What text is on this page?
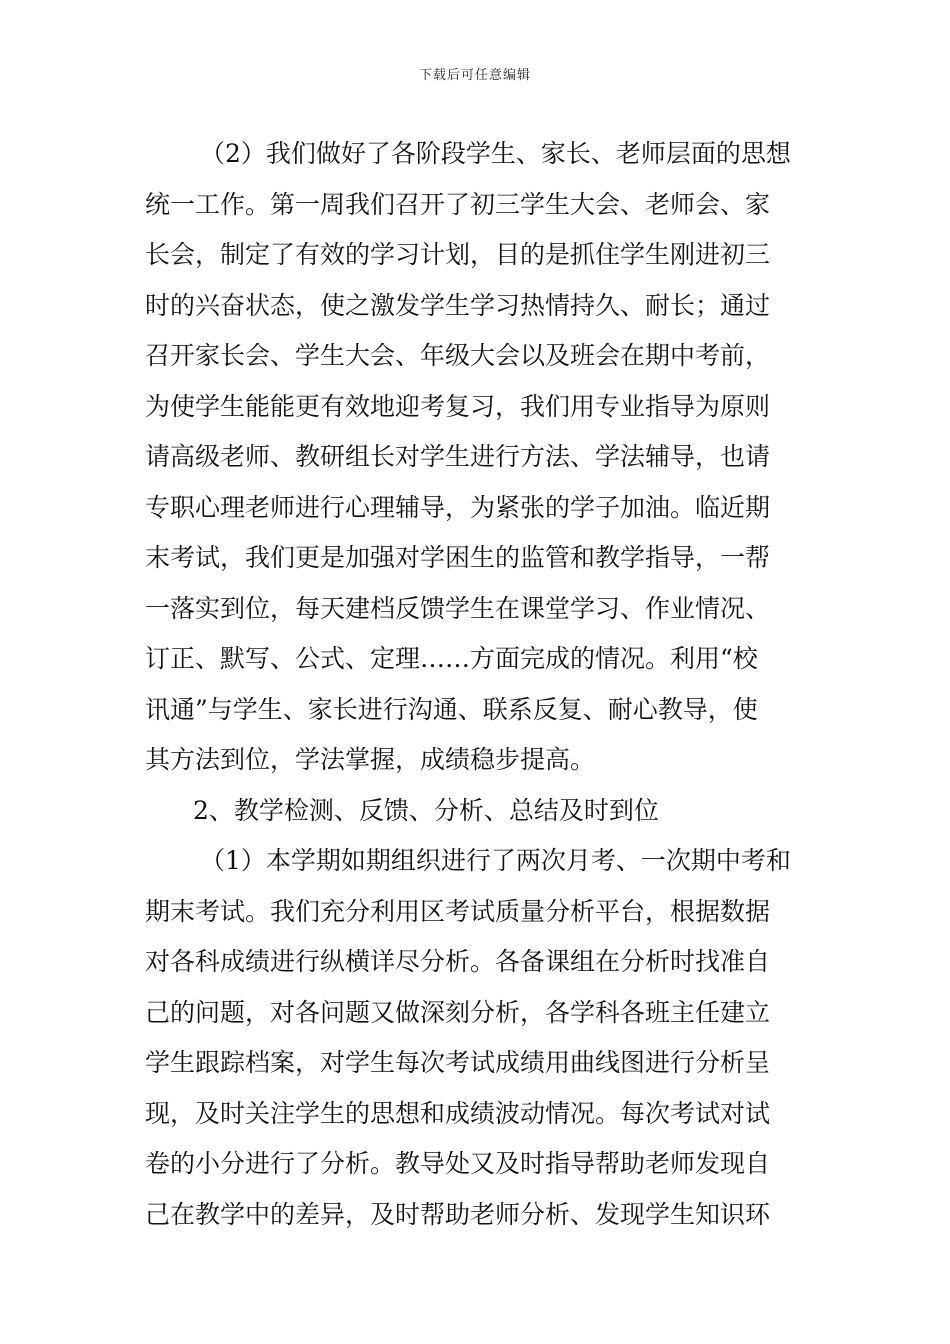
下载后可任意编辑
（2）我们做好了各阶段学生、家长、老师层面的思想
统一工作。第一周我们召开了初三学生大会、老师会、家
长会，制定了有效的学习计划，目的是抓住学生刚进初三
时的兴奋状态，使之激发学生学习热情持久、耐长；通过
召开家长会、学生大会、年级大会以及班会在期中考前，
为使学生能能更有效地迎考复习，我们用专业指导为原则
请高级老师、教研组长对学生进行方法、学法辅导，也请
专职心理老师进行心理辅导，为紧张的学子加油。临近期
末考试，我们更是加强对学困生的监管和教学指导，一帮
一落实到位，每天建档反馈学生在课堂学习、作业情况、
订正、默写、公式、定理……方面完成的情况。利用“校
讯通”与学生、家长进行沟通、联系反复、耐心教导，使
其方法到位，学法掌握，成绩稳步提高。
2、教学检测、反馈、分析、总结及时到位
（1）本学期如期组织进行了两次月考、一次期中考和
期末考试。我们充分利用区考试质量分析平台，根据数据
对各科成绩进行纵横详尽分析。各备课组在分析时找准自
己的问题，对各问题又做深刻分析，各学科各班主任建立
学生跟踪档案，对学生每次考试成绩用曲线图进行分析呈
现，及时关注学生的思想和成绩波动情况。每次考试对试
卷的小分进行了分析。教导处又及时指导帮助老师发现自
己在教学中的差异，及时帮助老师分析、发现学生知识环
